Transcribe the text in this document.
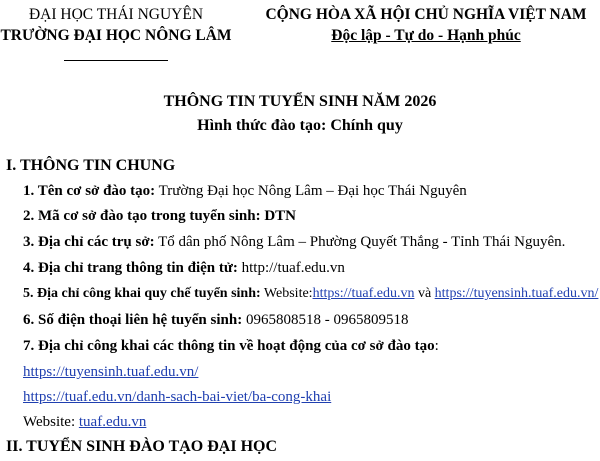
ĐẠI HỌC THÁI NGUYÊN
TRƯỜNG ĐẠI HỌC NÔNG LÂM
CỘNG HÒA XÃ HỘI CHỦ NGHĨA VIỆT NAM
Độc lập - Tự do - Hạnh phúc
THÔNG TIN TUYỂN SINH NĂM 2026
Hình thức đào tạo: Chính quy
I. THÔNG TIN CHUNG
1. Tên cơ sở đào tạo: Trường Đại học Nông Lâm – Đại học Thái Nguyên
2. Mã cơ sở đào tạo trong tuyển sinh: DTN
3. Địa chỉ các trụ sở: Tổ dân phố Nông Lâm – Phường Quyết Thắng - Tỉnh Thái Nguyên.
4. Địa chỉ trang thông tin điện tử: http://tuaf.edu.vn
5. Địa chỉ công khai quy chế tuyển sinh: Website:https://tuaf.edu.vn và https://tuyensinh.tuaf.edu.vn/
6. Số điện thoại liên hệ tuyển sinh: 0965808518 - 0965809518
7. Địa chỉ công khai các thông tin về hoạt động của cơ sở đào tạo:
https://tuyensinh.tuaf.edu.vn/
https://tuaf.edu.vn/danh-sach-bai-viet/ba-cong-khai
Website: tuaf.edu.vn
II. TUYỂN SINH ĐÀO TẠO ĐẠI HỌC
